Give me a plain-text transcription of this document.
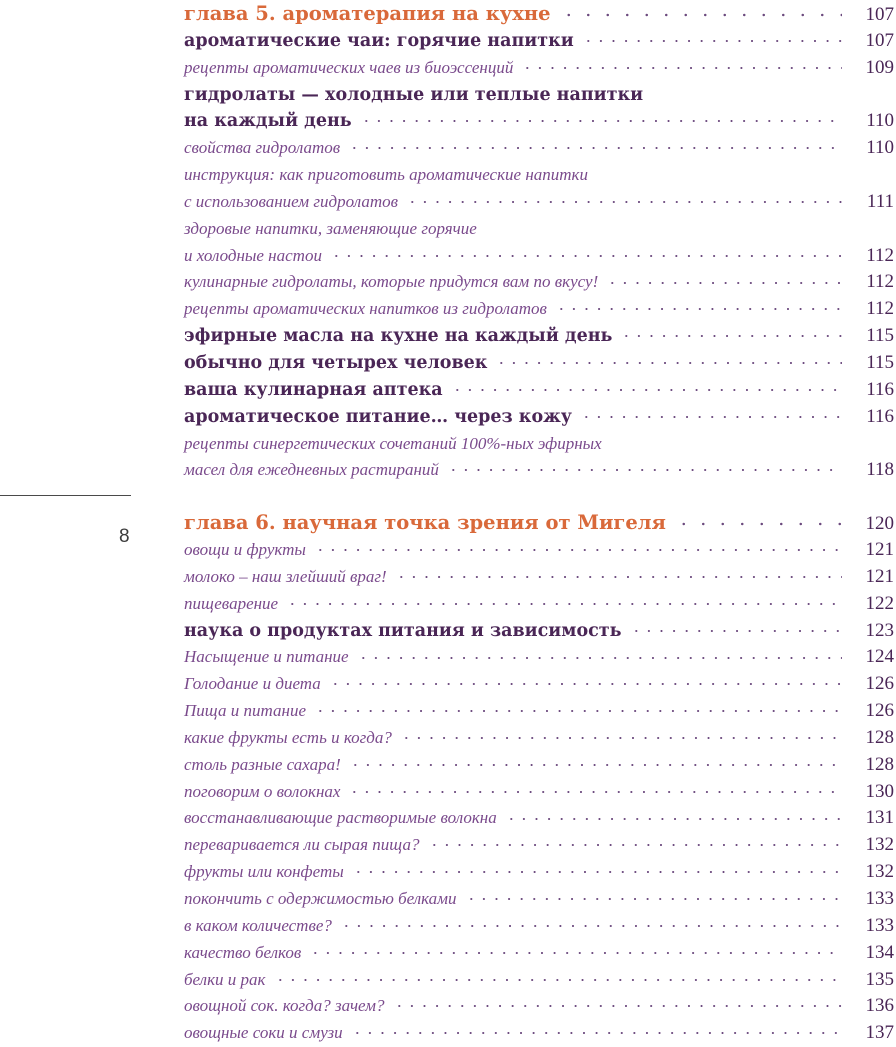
8
глава 5. ароматерапия на кухне	107
ароматические чаи: горячие напитки	107
рецепты ароматических чаев из биоэссенций	109
гидролаты — холодные или теплые напитки
на каждый день	110
свойства гидролатов	110
инструкция: как приготовить ароматические напитки
с использованием гидролатов	111
здоровые напитки, заменяющие горячие
и холодные настои	112
кулинарные гидролаты, которые придутся вам по вкусу!	112
рецепты ароматических напитков из гидролатов	112
эфирные масла на кухне на каждый день	115
обычно для четырех человек	115
ваша кулинарная аптека	116
ароматическое питание… через кожу	116
рецепты синергетических сочетаний 100%-ных эфирных
масел для ежедневных растираний	118
глава 6. научная точка зрения от Мигеля	120
овощи и фрукты	121
молоко – наш злейший враг!	121
пищеварение	122
наука о продуктах питания и зависимость	123
Насыщение и питание	124
Голодание и диета	126
Пища и питание	126
какие фрукты есть и когда?	128
столь разные сахара!	128
поговорим о волокнах	130
восстанавливающие растворимые волокна	131
переваривается ли сырая пища?	132
фрукты или конфеты	132
покончить с одержимостью белками	133
в каком количестве?	133
качество белков	134
белки и рак	135
овощной сок. когда? зачем?	136
овощные соки и смузи	137
